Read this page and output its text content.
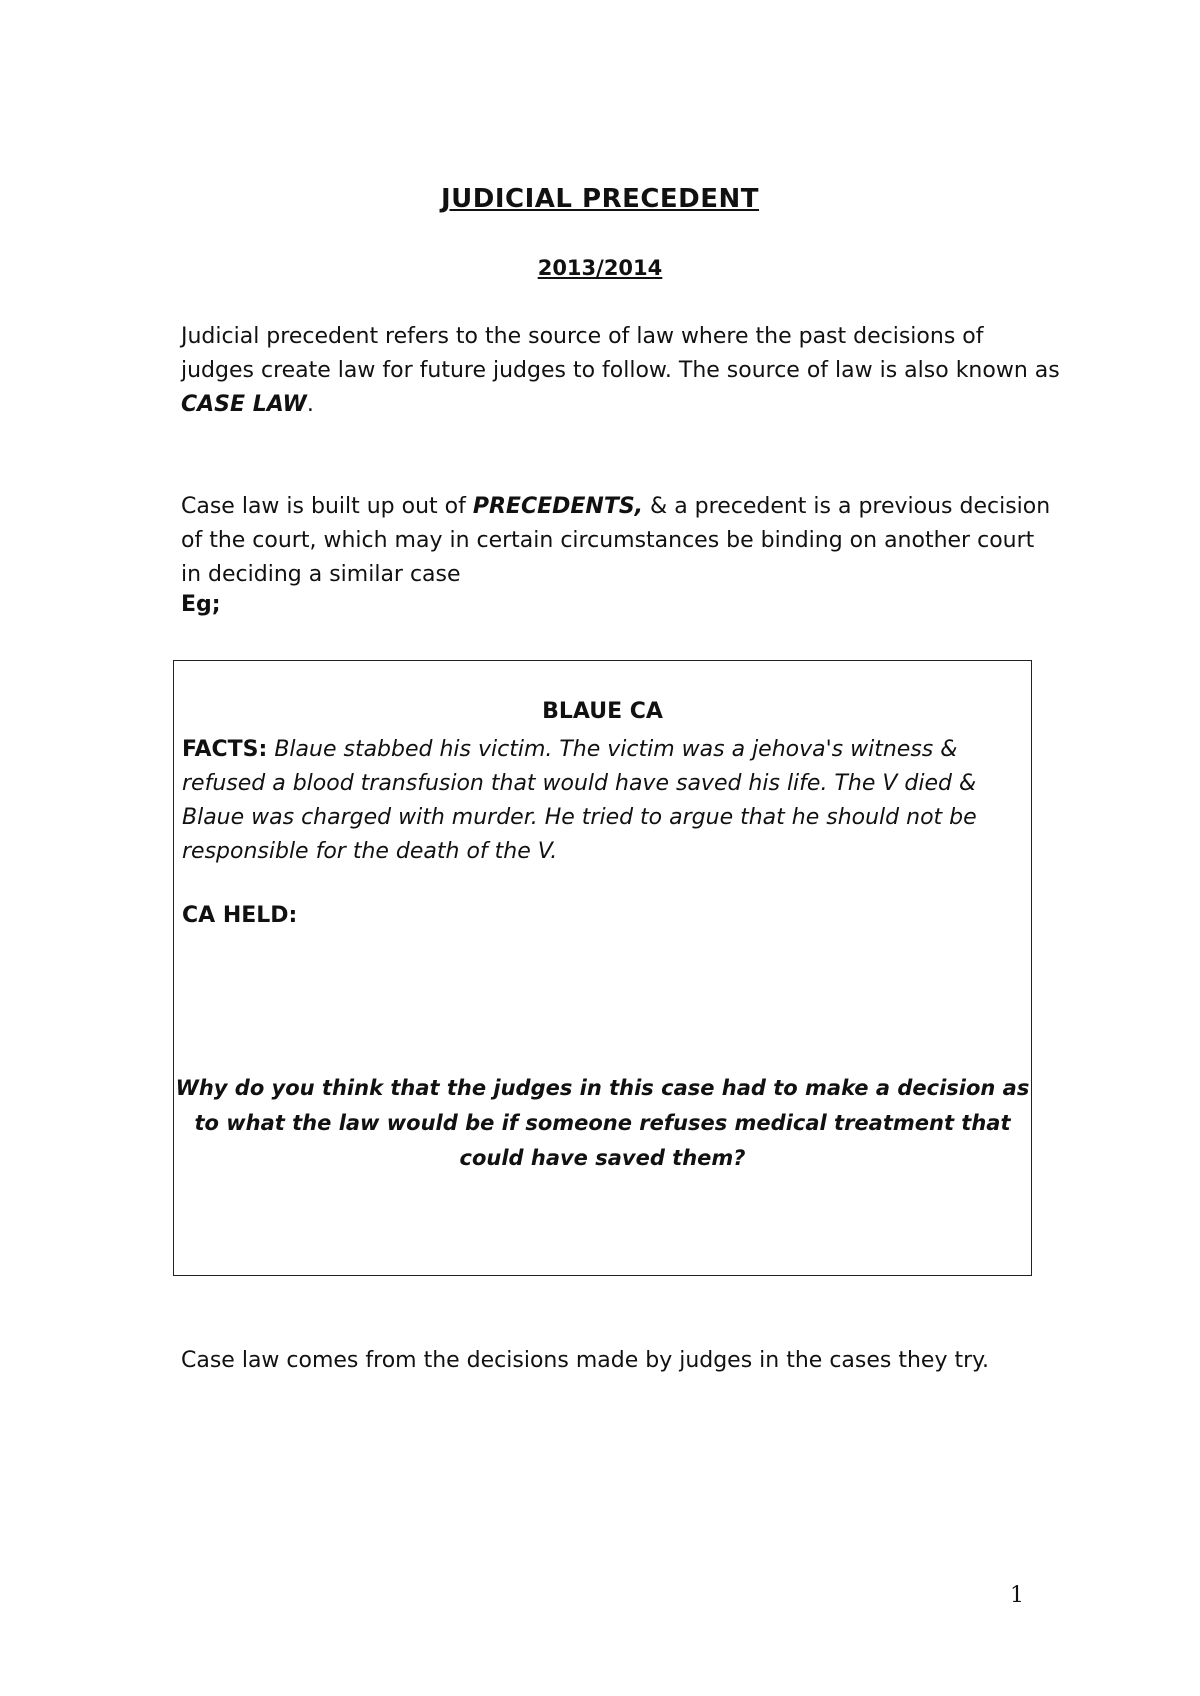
JUDICIAL PRECEDENT
2013/2014
Judicial precedent refers to the source of law where the past decisions of judges create law for future judges to follow. The source of law is also known as CASE LAW.
Case law is built up out of PRECEDENTS, & a precedent is a previous decision of the court, which may in certain circumstances be binding on another court in deciding a similar case
Eg;
BLAUE CA
FACTS: Blaue stabbed his victim. The victim was a jehova's witness & refused a blood transfusion that would have saved his life. The V died & Blaue was charged with murder. He tried to argue that he should not be responsible for the death of the V.
CA HELD:
Why do you think that the judges in this case had to make a decision as to what the law would be if someone refuses medical treatment that could have saved them?
Case law comes from the decisions made by judges in the cases they try.
1
